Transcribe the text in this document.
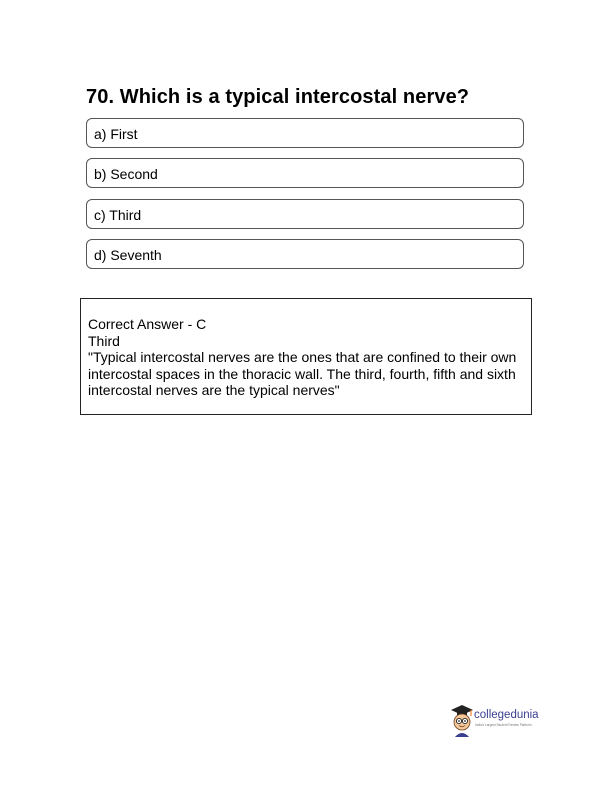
70. Which is a typical intercostal nerve?
a) First
b) Second
c) Third
d) Seventh
Correct Answer - C
Third
"Typical intercostal nerves are the ones that are confined to their own intercostal spaces in the thoracic wall. The third, fourth, fifth and sixth intercostal nerves are the typical nerves"
collegedunia
India's Largest Student Review Platform
